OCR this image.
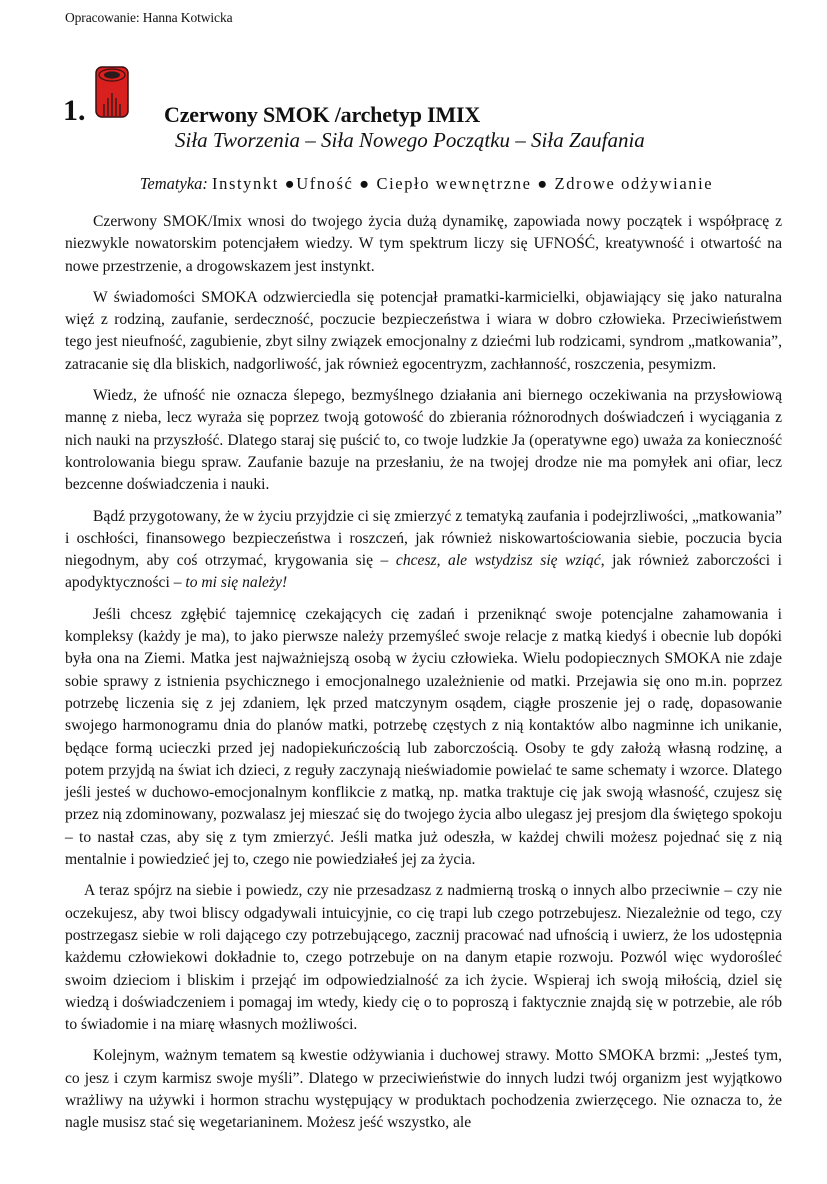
Opracowanie: Hanna Kotwicka
1.	Czerwony SMOK /archetyp IMIX
Siła Tworzenia – Siła Nowego Początku – Siła Zaufania
Tematyka: Instynkt ●Ufność ● Ciepło wewnętrzne ● Zdrowe odżywianie

Czerwony SMOK/Imix wnosi do twojego życia dużą dynamikę, zapowiada nowy początek i współpracę z niezwykle nowatorskim potencjałem wiedzy. W tym spektrum liczy się UFNOŚĆ, kreatywność i otwartość na nowe przestrzenie, a drogowskazem jest instynkt.

W świadomości SMOKA odzwierciedla się potencjał pramatki-karmicielki, objawiający się jako naturalna więź z rodziną, zaufanie, serdeczność, poczucie bezpieczeństwa i wiara w dobro człowieka. Przeciwieństwem tego jest nieufność, zagubienie, zbyt silny związek emocjonalny z dziećmi lub rodzicami, syndrom „matkowania”, zatracanie się dla bliskich, nadgorliwość, jak również egocentryzm, zachłanność, roszczenia, pesymizm.

Wiedz, że ufność nie oznacza ślepego, bezmyślnego działania ani biernego oczekiwania na przysłowiową mannę z nieba, lecz wyraża się poprzez twoją gotowość do zbierania różnorodnych doświadczeń i wyciągania z nich nauki na przyszłość. Dlatego staraj się puścić to, co twoje ludzkie Ja (operatywne ego) uważa za konieczność kontrolowania biegu spraw. Zaufanie bazuje na przesłaniu, że na twojej drodze nie ma pomyłek ani ofiar, lecz bezcenne doświadczenia i nauki.

Bądź przygotowany, że w życiu przyjdzie ci się zmierzyć z tematyką zaufania i podejrzliwości, „matkowania” i oschłości, finansowego bezpieczeństwa i roszczeń, jak również niskowartościowania siebie, poczucia bycia niegodnym, aby coś otrzymać, krygowania się – chcesz, ale wstydzisz się wziąć, jak również zaborczości i apodyktyczności – to mi się należy!

Jeśli chcesz zgłębić tajemnicę czekających cię zadań i przeniknąć swoje potencjalne zahamowania i kompleksy (każdy je ma), to jako pierwsze należy przemyśleć swoje relacje z matką kiedyś i obecnie lub dopóki była ona na Ziemi. Matka jest najważniejszą osobą w życiu człowieka. Wielu podopiecznych SMOKA nie zdaje sobie sprawy z istnienia psychicznego i emocjonalnego uzależnienie od matki. Przejawia się ono m.in. poprzez potrzebę liczenia się z jej zdaniem, lęk przed matczynym osądem, ciągłe proszenie jej o radę, dopasowanie swojego harmonogramu dnia do planów matki, potrzebę częstych z nią kontaktów albo nagminne ich unikanie, będące formą ucieczki przed jej nadopiekuńczością lub zaborczością. Osoby te gdy założą własną rodzinę, a potem przyjdą na świat ich dzieci, z reguły zaczynają nieświadomie powielać te same schematy i wzorce. Dlatego jeśli jesteś w duchowo-emocjonalnym konflikcie z matką, np. matka traktuje cię jak swoją własność, czujesz się przez nią zdominowany, pozwalasz jej mieszać się do twojego życia albo ulegasz jej presjom dla świętego spokoju – to nastał czas, aby się z tym zmierzyć. Jeśli matka już odeszła, w każdej chwili możesz pojednać się z nią mentalnie i powiedzieć jej to, czego nie powiedziałeś jej za życia.

A teraz spójrz na siebie i powiedz, czy nie przesadzasz z nadmierną troską o innych albo przeciwnie – czy nie oczekujesz, aby twoi bliscy odgadywali intuicyjnie, co cię trapi lub czego potrzebujesz. Niezależnie od tego, czy postrzegasz siebie w roli dającego czy potrzebującego, zacznij pracować nad ufnością i uwierz, że los udostępnia każdemu człowiekowi dokładnie to, czego potrzebuje on na danym etapie rozwoju. Pozwól więc wydorośleć swoim dzieciom i bliskim i przejąć im odpowiedzialność za ich życie. Wspieraj ich swoją miłością, dziel się wiedzą i doświadczeniem i pomagaj im wtedy, kiedy cię o to poproszą i faktycznie znajdą się w potrzebie, ale rób to świadomie i na miarę własnych możliwości.

Kolejnym, ważnym tematem są kwestie odżywiania i duchowej strawy. Motto SMOKA brzmi: „Jesteś tym, co jesz i czym karmisz swoje myśli”. Dlatego w przeciwieństwie do innych ludzi twój organizm jest wyjątkowo wrażliwy na używki i hormon strachu występujący w produktach pochodzenia zwierzęcego. Nie oznacza to, że nagle musisz stać się wegetarianinem. Możesz jeść wszystko, ale
